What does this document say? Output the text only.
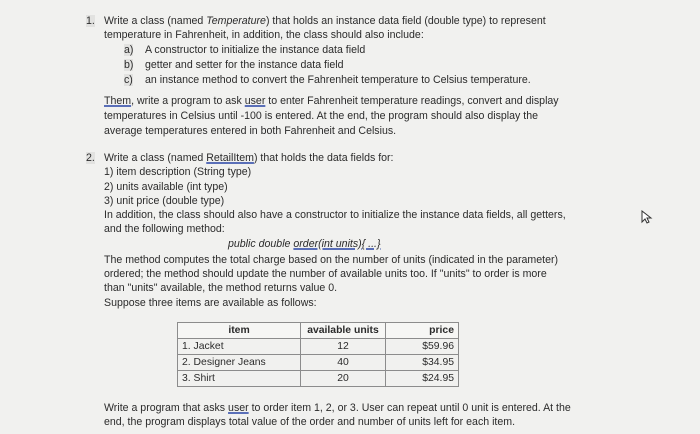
1. Write a class (named Temperature) that holds an instance data field (double type) to represent
temperature in Fahrenheit, in addition, the class should also include:
a) A constructor to initialize the instance data field
b) getter and setter for the instance data field
c) an instance method to convert the Fahrenheit temperature to Celsius temperature.
Them, write a program to ask user to enter Fahrenheit temperature readings, convert and display
temperatures in Celsius until -100 is entered. At the end, the program should also display the
average temperatures entered in both Fahrenheit and Celsius.
2. Write a class (named RetailItem) that holds the data fields for:
1) item description (String type)
2) units available (int type)
3) unit price (double type)
In addition, the class should also have a constructor to initialize the instance data fields, all getters,
and the following method:
public double order(int units){ ...}
The method computes the total charge based on the number of units (indicated in the parameter)
ordered; the method should update the number of available units too. If "units" to order is more
than "units" available, the method returns value 0.
Suppose three items are available as follows:
item	available units	price
1. Jacket	12	$59.96
2. Designer Jeans	40	$34.95
3. Shirt	20	$24.95
Write a program that asks user to order item 1, 2, or 3. User can repeat until 0 unit is entered. At the
end, the program displays total value of the order and number of units left for each item.
